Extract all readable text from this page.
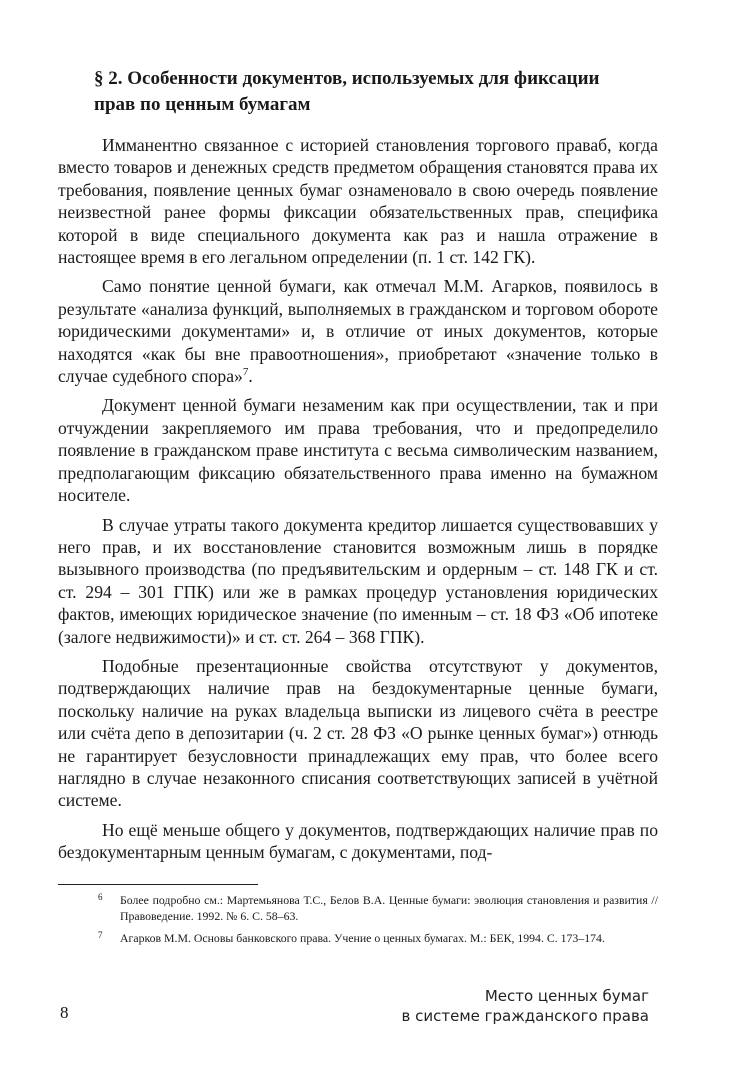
§ 2. Особенности документов, используемых для фиксации
прав по ценным бумагам

Имманентно связанное с историей становления торгового праваб, когда вместо товаров и денежных средств предметом обращения становятся права их требования, появление ценных бумаг ознаменовало в свою очередь появление неизвестной ранее формы фиксации обязательственных прав, специфика которой в виде специального документа как раз и нашла отражение в настоящее время в его легальном определении (п. 1 ст. 142 ГК).

Само понятие ценной бумаги, как отмечал М.М. Агарков, появилось в результате «анализа функций, выполняемых в гражданском и торговом обороте юридическими документами» и, в отличие от иных документов, которые находятся «как бы вне правоотношения», приобретают «значение только в случае судебного спора»$^7$.

Документ ценной бумаги незаменим как при осуществлении, так и при отчуждении закрепляемого им права требования, что и предопределило появление в гражданском праве института с весьма символическим названием, предполагающим фиксацию обязательственного права именно на бумажном носителе.

В случае утраты такого документа кредитор лишается существовавших у него прав, и их восстановление становится возможным лишь в порядке вызывного производства (по предъявительским и ордерным – ст. 148 ГК и ст. ст. 294 – 301 ГПК) или же в рамках процедур установления юридических фактов, имеющих юридическое значение (по именным – ст. 18 ФЗ «Об ипотеке (залоге недвижимости)» и ст. ст. 264 – 368 ГПК).

Подобные презентационные свойства отсутствуют у документов, подтверждающих наличие прав на бездокументарные ценные бумаги, поскольку наличие на руках владельца выписки из лицевого счёта в реестре или счёта депо в депозитарии (ч. 2 ст. 28 ФЗ «О рынке ценных бумаг») отнюдь не гарантирует безусловности принадлежащих ему прав, что более всего наглядно в случае незаконного списания соответствующих записей в учётной системе.

Но ещё меньше общего у документов, подтверждающих наличие прав по бездокументарным ценным бумагам, с документами, под-

6 Более подробно см.: Мартемьянова Т.С., Белов В.А. Ценные бумаги: эволюция становления и развития // Правоведение. 1992. № 6. С. 58–63.
7 Агарков М.М. Основы банковского права. Учение о ценных бумагах. М.: БЕК, 1994. С. 173–174.
8
Место ценных бумаг
в системе гражданского права
